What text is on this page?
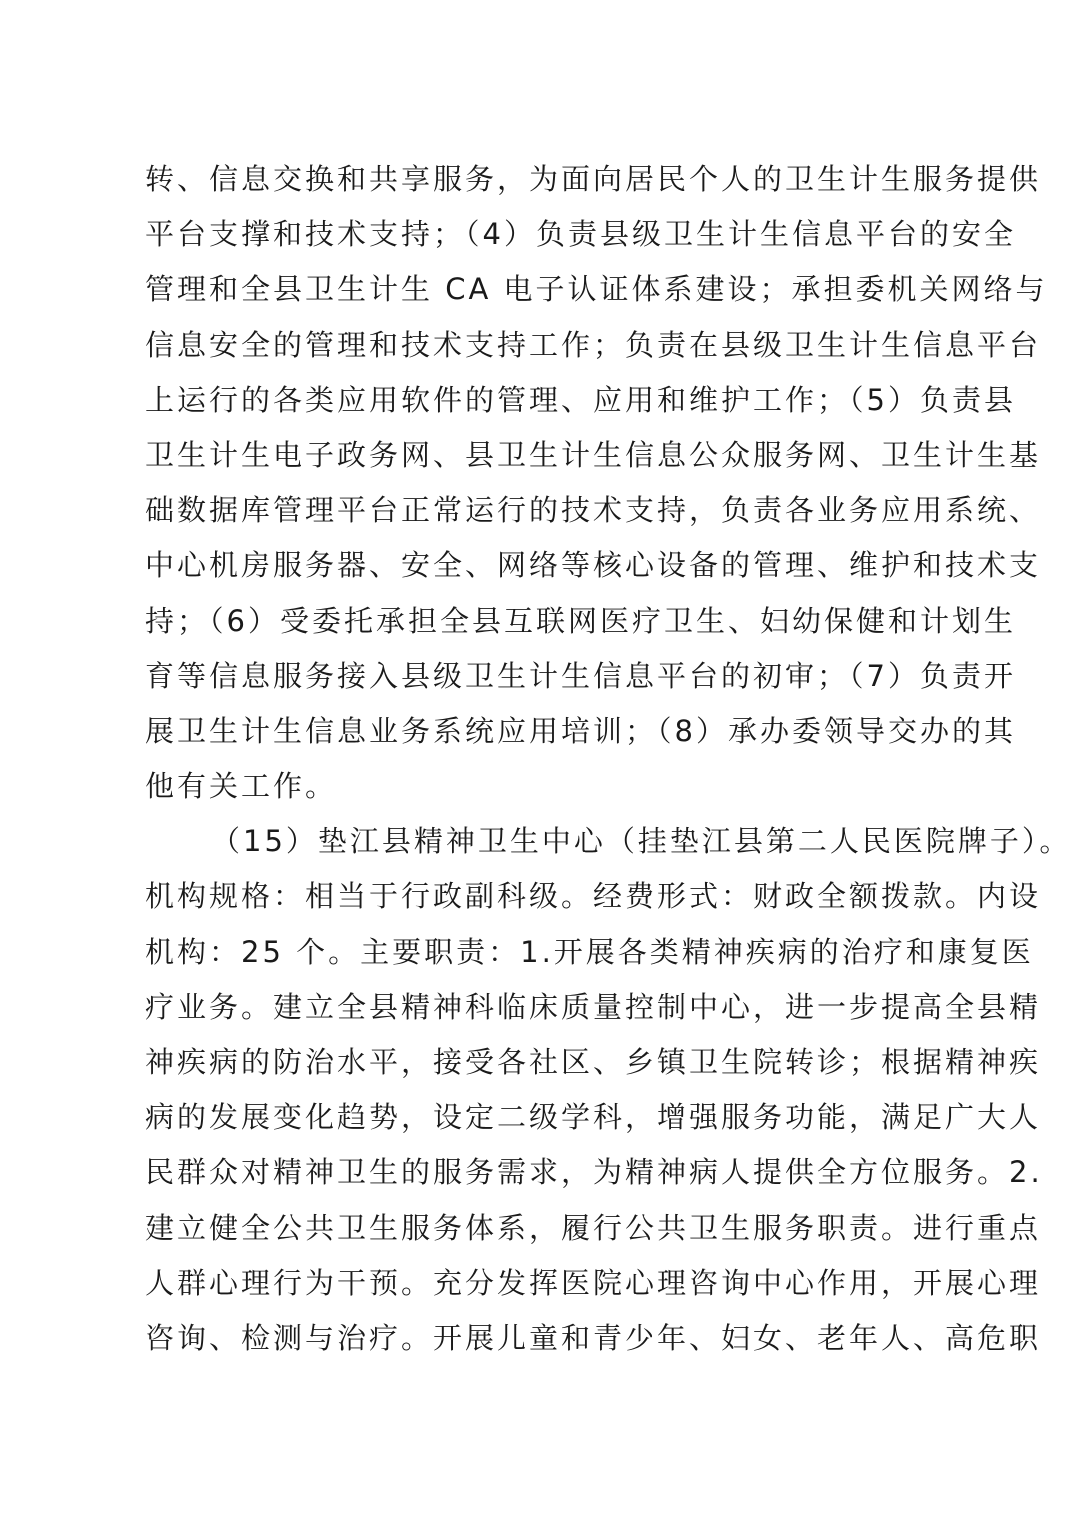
转、信息交换和共享服务，为面向居民个人的卫生计生服务提供
平台支撑和技术支持；（4）负责县级卫生计生信息平台的安全
管理和全县卫生计生 CA 电子认证体系建设；承担委机关网络与
信息安全的管理和技术支持工作；负责在县级卫生计生信息平台
上运行的各类应用软件的管理、应用和维护工作；（5）负责县
卫生计生电子政务网、县卫生计生信息公众服务网、卫生计生基
础数据库管理平台正常运行的技术支持，负责各业务应用系统、
中心机房服务器、安全、网络等核心设备的管理、维护和技术支
持；（6）受委托承担全县互联网医疗卫生、妇幼保健和计划生
育等信息服务接入县级卫生计生信息平台的初审；（7）负责开
展卫生计生信息业务系统应用培训；（8）承办委领导交办的其
他有关工作。
（15）垫江县精神卫生中心（挂垫江县第二人民医院牌子）。
机构规格：相当于行政副科级。经费形式：财政全额拨款。内设
机构：25 个。主要职责：1.开展各类精神疾病的治疗和康复医
疗业务。建立全县精神科临床质量控制中心，进一步提高全县精
神疾病的防治水平，接受各社区、乡镇卫生院转诊；根据精神疾
病的发展变化趋势，设定二级学科，增强服务功能，满足广大人
民群众对精神卫生的服务需求，为精神病人提供全方位服务。2.
建立健全公共卫生服务体系，履行公共卫生服务职责。进行重点
人群心理行为干预。充分发挥医院心理咨询中心作用，开展心理
咨询、检测与治疗。开展儿童和青少年、妇女、老年人、高危职
